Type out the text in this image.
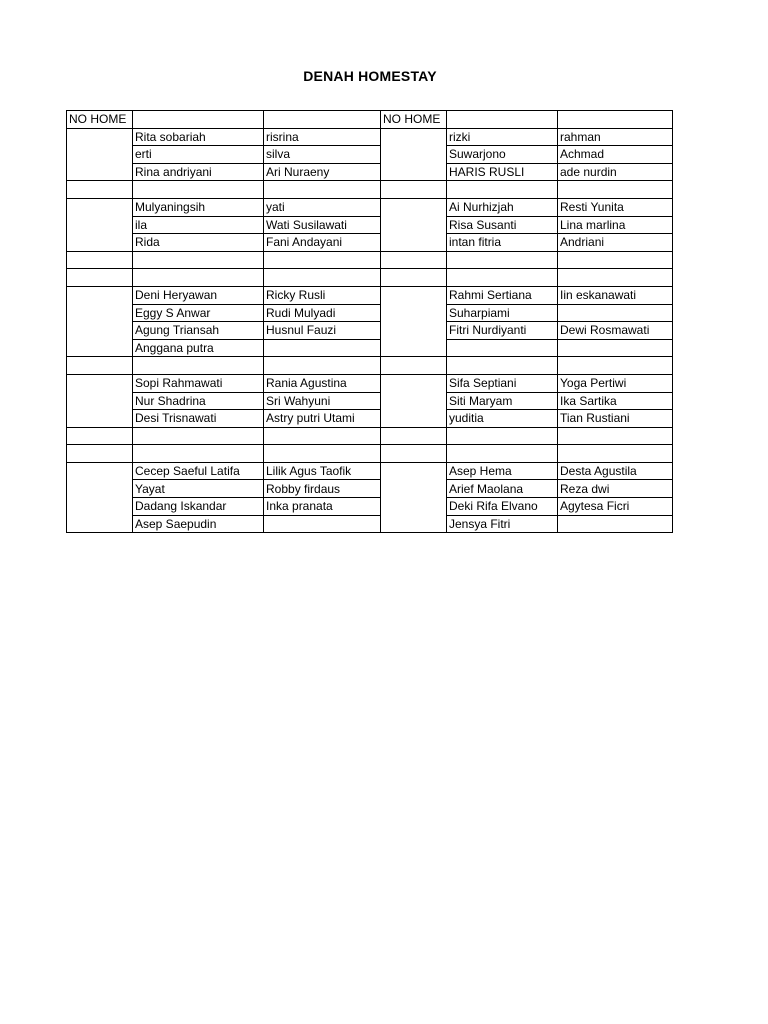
DENAH HOMESTAY
NO HOME			NO HOME		
	Rita sobariah	risrina		rizki	rahman
	erti	silva		Suwarjono	Achmad
	Rina andriyani	Ari Nuraeny		HARIS RUSLI	ade nurdin

	Mulyaningsih	yati		Ai Nurhizjah	Resti Yunita
	ila	Wati Susilawati		Risa Susanti	Lina marlina
	Rida	Fani Andayani		intan fitria	Andriani

	Deni Heryawan	Ricky Rusli		Rahmi Sertiana	Iin eskanawati
	Eggy S Anwar	Rudi Mulyadi		Suharpiami	
	Agung Triansah	Husnul Fauzi		Fitri Nurdiyanti	Dewi Rosmawati
	Anggana putra				

	Sopi Rahmawati	Rania Agustina		Sifa Septiani	Yoga Pertiwi
	Nur Shadrina	Sri Wahyuni		Siti Maryam	Ika Sartika
	Desi Trisnawati	Astry putri Utami		yuditia	Tian Rustiani

	Cecep Saeful Latifa	Lilik Agus Taofik		Asep Hema	Desta Agustila
	Yayat	Robby firdaus		Arief Maolana	Reza dwi
	Dadang Iskandar	Inka pranata		Deki Rifa Elvano	Agytesa Ficri
	Asep Saepudin			Jensya Fitri	
